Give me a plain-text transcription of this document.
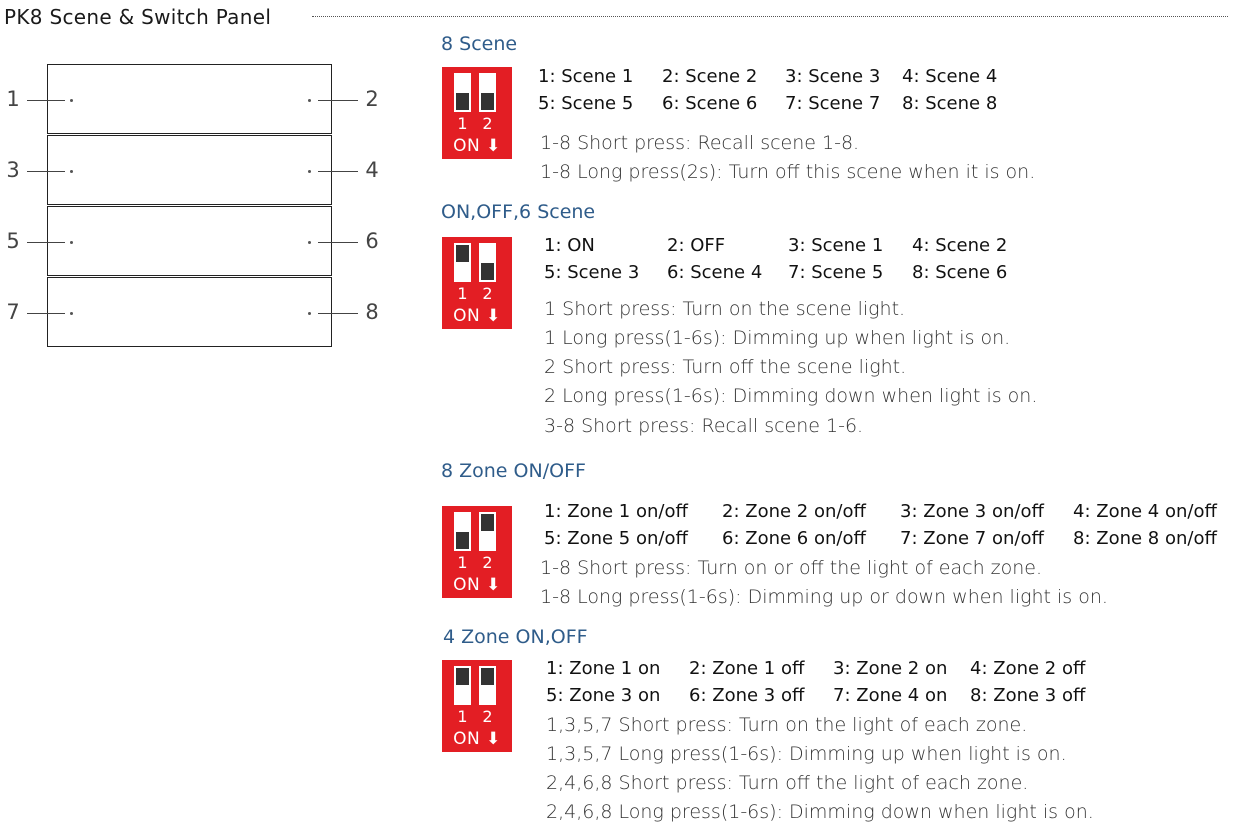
PK8 Scene & Switch Panel
1
3
5
7
2
4
6
8
8 Scene
1 2
ON ⬇
1: Scene 1 2: Scene 2 3: Scene 3 4: Scene 4
5: Scene 5 6: Scene 6 7: Scene 7 8: Scene 8
1-8 Short press: Recall scene 1-8.
1-8 Long press(2s): Turn off this scene when it is on.
ON,OFF,6 Scene
1 2
ON ⬇
1: ON	2: OFF	3: Scene 1 4: Scene 2
5: Scene 3 6: Scene 4 7: Scene 5 8: Scene 6
1 Short press: Turn on the scene light.
1 Long press(1-6s): Dimming up when light is on.
2 Short press: Turn off the scene light.
2 Long press(1-6s): Dimming down when light is on.
3-8 Short press: Recall scene 1-6.
8 Zone ON/OFF
1 2
ON ⬇
1: Zone 1 on/off 2: Zone 2 on/off 3: Zone 3 on/off 4: Zone 4 on/off
5: Zone 5 on/off 6: Zone 6 on/off 7: Zone 7 on/off 8: Zone 8 on/off
1-8 Short press: Turn on or off the light of each zone.
1-8 Long press(1-6s): Dimming up or down when light is on.
4 Zone ON,OFF
1 2
ON ⬇
1: Zone 1 on 2: Zone 1 off 3: Zone 2 on 4: Zone 2 off
5: Zone 3 on 6: Zone 3 off 7: Zone 4 on 8: Zone 3 off
1,3,5,7 Short press: Turn on the light of each zone.
1,3,5,7 Long press(1-6s): Dimming up when light is on.
2,4,6,8 Short press: Turn off the light of each zone.
2,4,6,8 Long press(1-6s): Dimming down when light is on.
